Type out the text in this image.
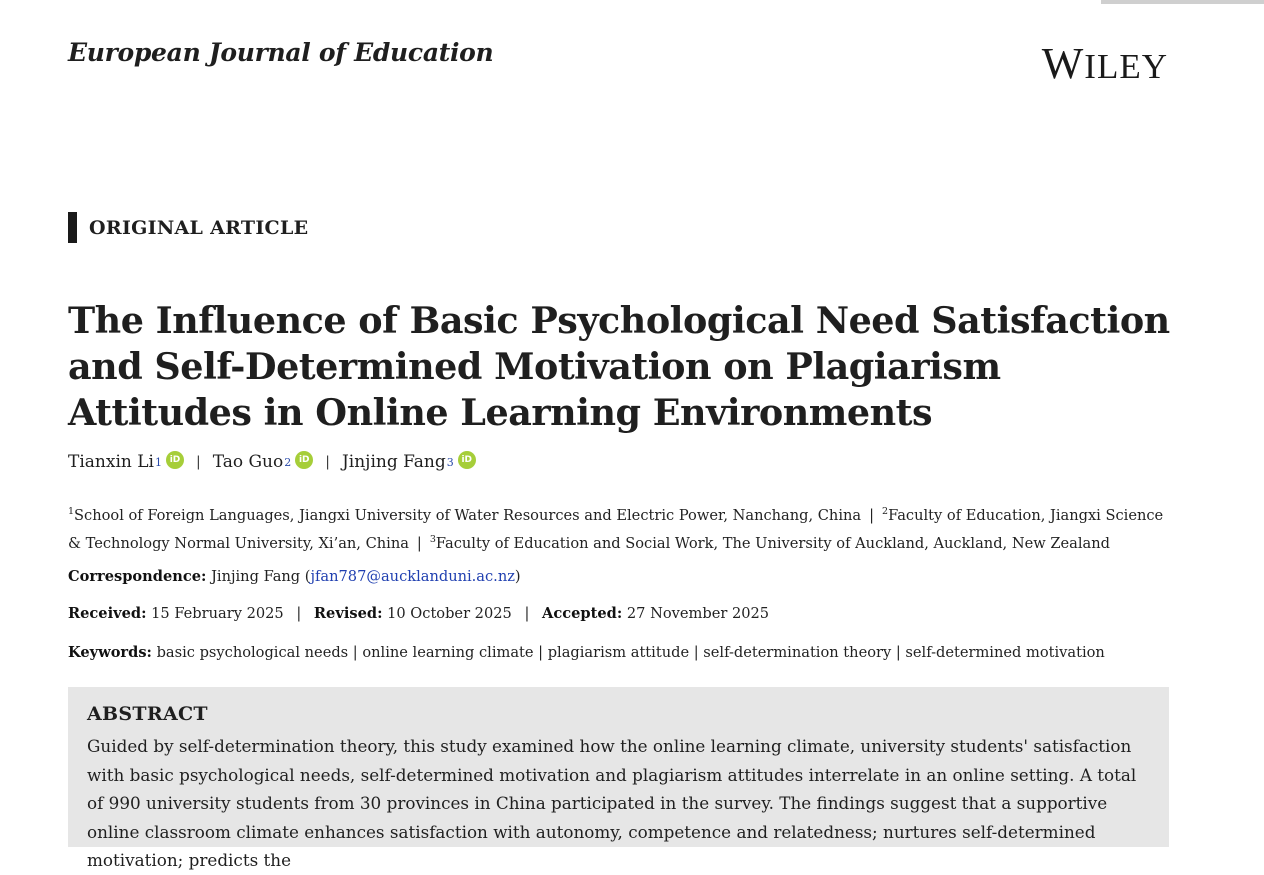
European Journal of Education	WILEY
ORIGINAL ARTICLE
The Influence of Basic Psychological Need Satisfaction and Self-Determined Motivation on Plagiarism Attitudes in Online Learning Environments
Tianxin Li 1 iD | Tao Guo 2 iD | Jinjing Fang 3 iD
$^1$School of Foreign Languages, Jiangxi University of Water Resources and Electric Power, Nanchang, China | $^2$Faculty of Education, Jiangxi Science & Technology Normal University, Xi’an, China | $^3$Faculty of Education and Social Work, The University of Auckland, Auckland, New Zealand
Correspondence: Jinjing Fang (jfan787@aucklanduni.ac.nz)
Received: 15 February 2025 | Revised: 10 October 2025 | Accepted: 27 November 2025
Keywords: basic psychological needs | online learning climate | plagiarism attitude | self-determination theory | self-determined motivation
ABSTRACT

Guided by self-determination theory, this study examined how the online learning climate, university students' satisfaction with basic psychological needs, self-determined motivation and plagiarism attitudes interrelate in an online setting. A total of 990 university students from 30 provinces in China participated in the survey. The findings suggest that a supportive online classroom climate enhances satisfaction with autonomy, competence and relatedness; nurtures self-determined motivation; predicts the
